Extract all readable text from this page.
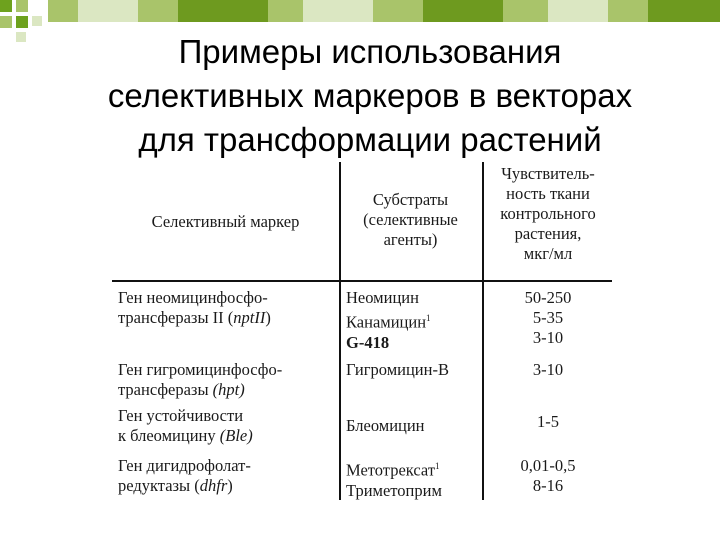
Примеры использования
селективных маркеров в векторах
для трансформации растений
Селективный маркер
Субстраты
(селективные
агенты)
Чувствитель-
ность ткани
контрольного
растения,
мкг/мл
Ген неомицинфосфо-
трансферазы II (nptII)
Неомицин
Канамицин$^1$
G-418
50-250
5-35
3-10
Ген гигромицинфосфо-
трансферазы (hpt)
Гигромицин-В	3-10
Ген устойчивости
к блеомицину (Ble)
Блеомицин	1-5
Ген дигидрофолат-
редуктазы (dhfr)
Метотрексат$^1$
Триметоприм
0,01-0,5
8-16
